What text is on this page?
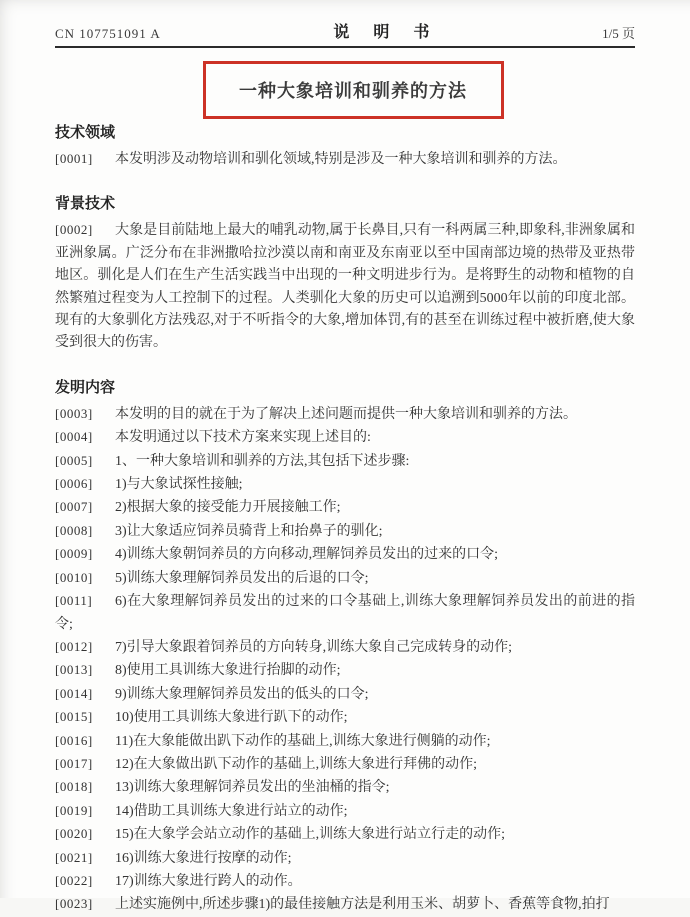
CN 107751091 A	说 明 书	1/5 页
一种大象培训和驯养的方法
技术领域

[0001] 本发明涉及动物培训和驯化领域,特别是涉及一种大象培训和驯养的方法。

背景技术

[0002] 大象是目前陆地上最大的哺乳动物,属于长鼻目,只有一科两属三种,即象科,非洲象属和亚洲象属。广泛分布在非洲撒哈拉沙漠以南和南亚及东南亚以至中国南部边境的热带及亚热带地区。驯化是人们在生产生活实践当中出现的一种文明进步行为。是将野生的动物和植物的自然繁殖过程变为人工控制下的过程。人类驯化大象的历史可以追溯到5000年以前的印度北部。现有的大象驯化方法残忍,对于不听指令的大象,增加体罚,有的甚至在训练过程中被折磨,使大象受到很大的伤害。

发明内容

[0003] 本发明的目的就在于为了解决上述问题而提供一种大象培训和驯养的方法。

[0004] 本发明通过以下技术方案来实现上述目的:

[0005] 1、一种大象培训和驯养的方法,其包括下述步骤:

[0006] 1)与大象试探性接触;

[0007] 2)根据大象的接受能力开展接触工作;

[0008] 3)让大象适应饲养员骑背上和抬鼻子的驯化;

[0009] 4)训练大象朝饲养员的方向移动,理解饲养员发出的过来的口令;

[0010] 5)训练大象理解饲养员发出的后退的口令;

[0011] 6)在大象理解饲养员发出的过来的口令基础上,训练大象理解饲养员发出的前进的指令;

[0012] 7)引导大象跟着饲养员的方向转身,训练大象自己完成转身的动作;

[0013] 8)使用工具训练大象进行抬脚的动作;

[0014] 9)训练大象理解饲养员发出的低头的口令;

[0015] 10)使用工具训练大象进行趴下的动作;

[0016] 11)在大象能做出趴下动作的基础上,训练大象进行侧躺的动作;

[0017] 12)在大象做出趴下动作的基础上,训练大象进行拜佛的动作;

[0018] 13)训练大象理解饲养员发出的坐油桶的指令;

[0019] 14)借助工具训练大象进行站立的动作;

[0020] 15)在大象学会站立动作的基础上,训练大象进行站立行走的动作;

[0021] 16)训练大象进行按摩的动作;

[0022] 17)训练大象进行跨人的动作。

[0023] 上述实施例中,所述步骤1)的最佳接触方法是利用玉米、胡萝卜、香蕉等食物,拍打
